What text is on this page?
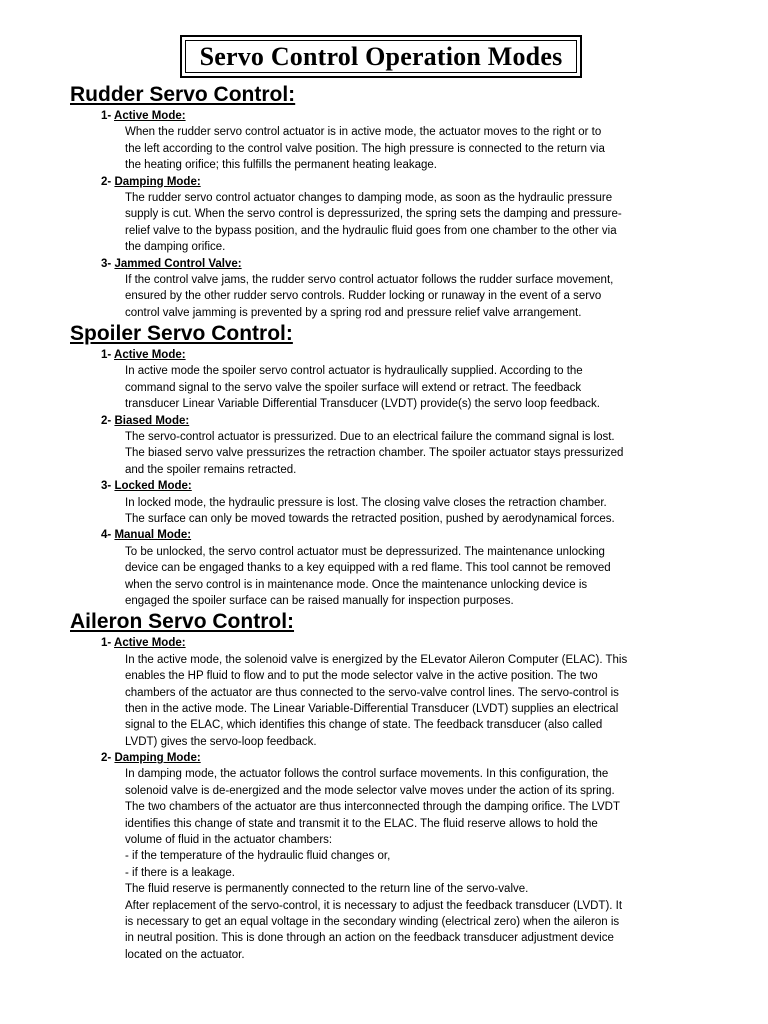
Servo Control Operation Modes
Rudder Servo Control:
1- Active Mode:
When the rudder servo control actuator is in active mode, the actuator moves to the right or to
the left according to the control valve position. The high pressure is connected to the return via
the heating orifice; this fulfills the permanent heating leakage.
2- Damping Mode:
The rudder servo control actuator changes to damping mode, as soon as the hydraulic pressure
supply is cut. When the servo control is depressurized, the spring sets the damping and pressure-
relief valve to the bypass position, and the hydraulic fluid goes from one chamber to the other via
the damping orifice.
3- Jammed Control Valve:
If the control valve jams, the rudder servo control actuator follows the rudder surface movement,
ensured by the other rudder servo controls. Rudder locking or runaway in the event of a servo
control valve jamming is prevented by a spring rod and pressure relief valve arrangement.
Spoiler Servo Control:
1- Active Mode:
In active mode the spoiler servo control actuator is hydraulically supplied. According to the
command signal to the servo valve the spoiler surface will extend or retract. The feedback
transducer Linear Variable Differential Transducer (LVDT) provide(s) the servo loop feedback.
2- Biased Mode:
The servo-control actuator is pressurized. Due to an electrical failure the command signal is lost.
The biased servo valve pressurizes the retraction chamber. The spoiler actuator stays pressurized
and the spoiler remains retracted.
3- Locked Mode:
In locked mode, the hydraulic pressure is lost. The closing valve closes the retraction chamber.
The surface can only be moved towards the retracted position, pushed by aerodynamical forces.
4- Manual Mode:
To be unlocked, the servo control actuator must be depressurized. The maintenance unlocking
device can be engaged thanks to a key equipped with a red flame. This tool cannot be removed
when the servo control is in maintenance mode. Once the maintenance unlocking device is
engaged the spoiler surface can be raised manually for inspection purposes.
Aileron Servo Control:
1- Active Mode:
In the active mode, the solenoid valve is energized by the ELevator Aileron Computer (ELAC). This
enables the HP fluid to flow and to put the mode selector valve in the active position. The two
chambers of the actuator are thus connected to the servo-valve control lines. The servo-control is
then in the active mode. The Linear Variable-Differential Transducer (LVDT) supplies an electrical
signal to the ELAC, which identifies this change of state. The feedback transducer (also called
LVDT) gives the servo-loop feedback.
2- Damping Mode:
In damping mode, the actuator follows the control surface movements. In this configuration, the
solenoid valve is de-energized and the mode selector valve moves under the action of its spring.
The two chambers of the actuator are thus interconnected through the damping orifice. The LVDT
identifies this change of state and transmit it to the ELAC. The fluid reserve allows to hold the
volume of fluid in the actuator chambers:
- if the temperature of the hydraulic fluid changes or,
- if there is a leakage.
The fluid reserve is permanently connected to the return line of the servo-valve.
After replacement of the servo-control, it is necessary to adjust the feedback transducer (LVDT). It
is necessary to get an equal voltage in the secondary winding (electrical zero) when the aileron is
in neutral position. This is done through an action on the feedback transducer adjustment device
located on the actuator.
